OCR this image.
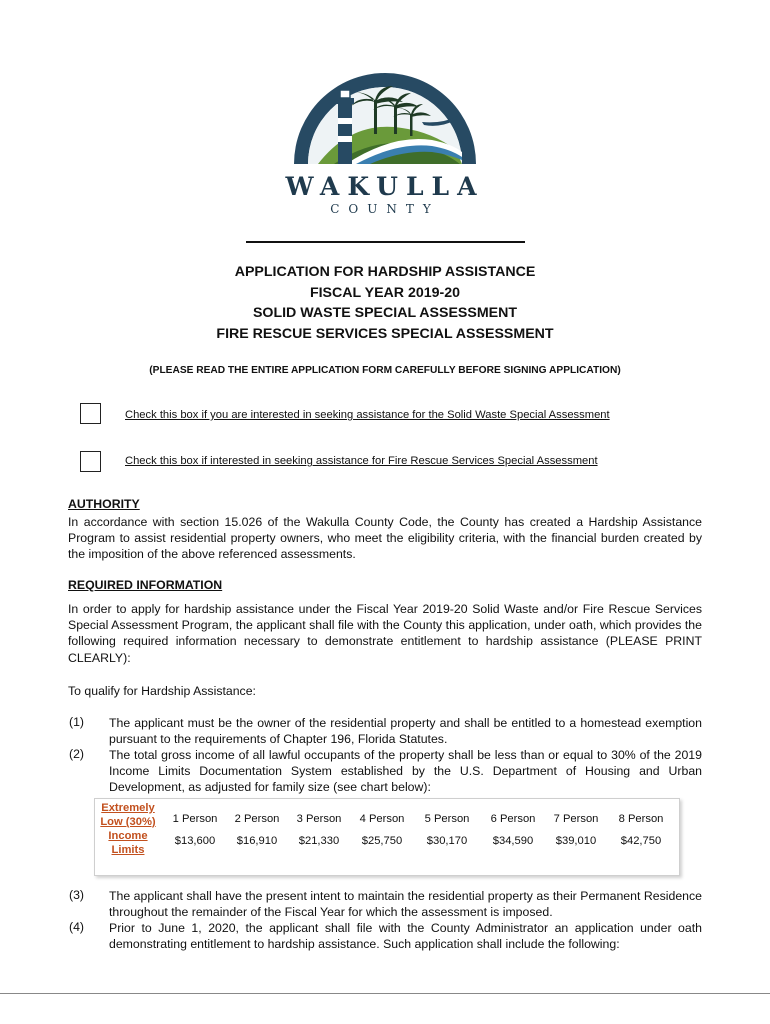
WAKULLA
COUNTY
APPLICATION FOR HARDSHIP ASSISTANCE
FISCAL YEAR 2019-20
SOLID WASTE SPECIAL ASSESSMENT
FIRE RESCUE SERVICES SPECIAL ASSESSMENT
(PLEASE READ THE ENTIRE APPLICATION FORM CAREFULLY BEFORE SIGNING APPLICATION)
Check this box if you are interested in seeking assistance for the Solid Waste Special Assessment
Check this box if interested in seeking assistance for Fire Rescue Services Special Assessment
AUTHORITY
In accordance with section 15.026 of the Wakulla County Code, the County has created a Hardship Assistance Program to assist residential property owners, who meet the eligibility criteria, with the financial burden created by the imposition of the above referenced assessments.
REQUIRED INFORMATION
In order to apply for hardship assistance under the Fiscal Year 2019-20 Solid Waste and/or Fire Rescue Services Special Assessment Program, the applicant shall file with the County this application, under oath, which provides the following required information necessary to demonstrate entitlement to hardship assistance (PLEASE PRINT CLEARLY):
To qualify for Hardship Assistance:
(1) The applicant must be the owner of the residential property and shall be entitled to a homestead exemption pursuant to the requirements of Chapter 196, Florida Statutes.
(2) The total gross income of all lawful occupants of the property shall be less than or equal to 30% of the 2019 Income Limits Documentation System established by the U.S. Department of Housing and Urban Development, as adjusted for family size (see chart below):
Extremely
Low (30%)
Income
Limits
1 Person
$13,600
2 Person
$16,910
3 Person
$21,330
4 Person
$25,750
5 Person
$30,170
6 Person
$34,590
7 Person
$39,010
8 Person
$42,750
(3) The applicant shall have the present intent to maintain the residential property as their Permanent Residence throughout the remainder of the Fiscal Year for which the assessment is imposed.
(4) Prior to June 1, 2020, the applicant shall file with the County Administrator an application under oath demonstrating entitlement to hardship assistance. Such application shall include the following:
